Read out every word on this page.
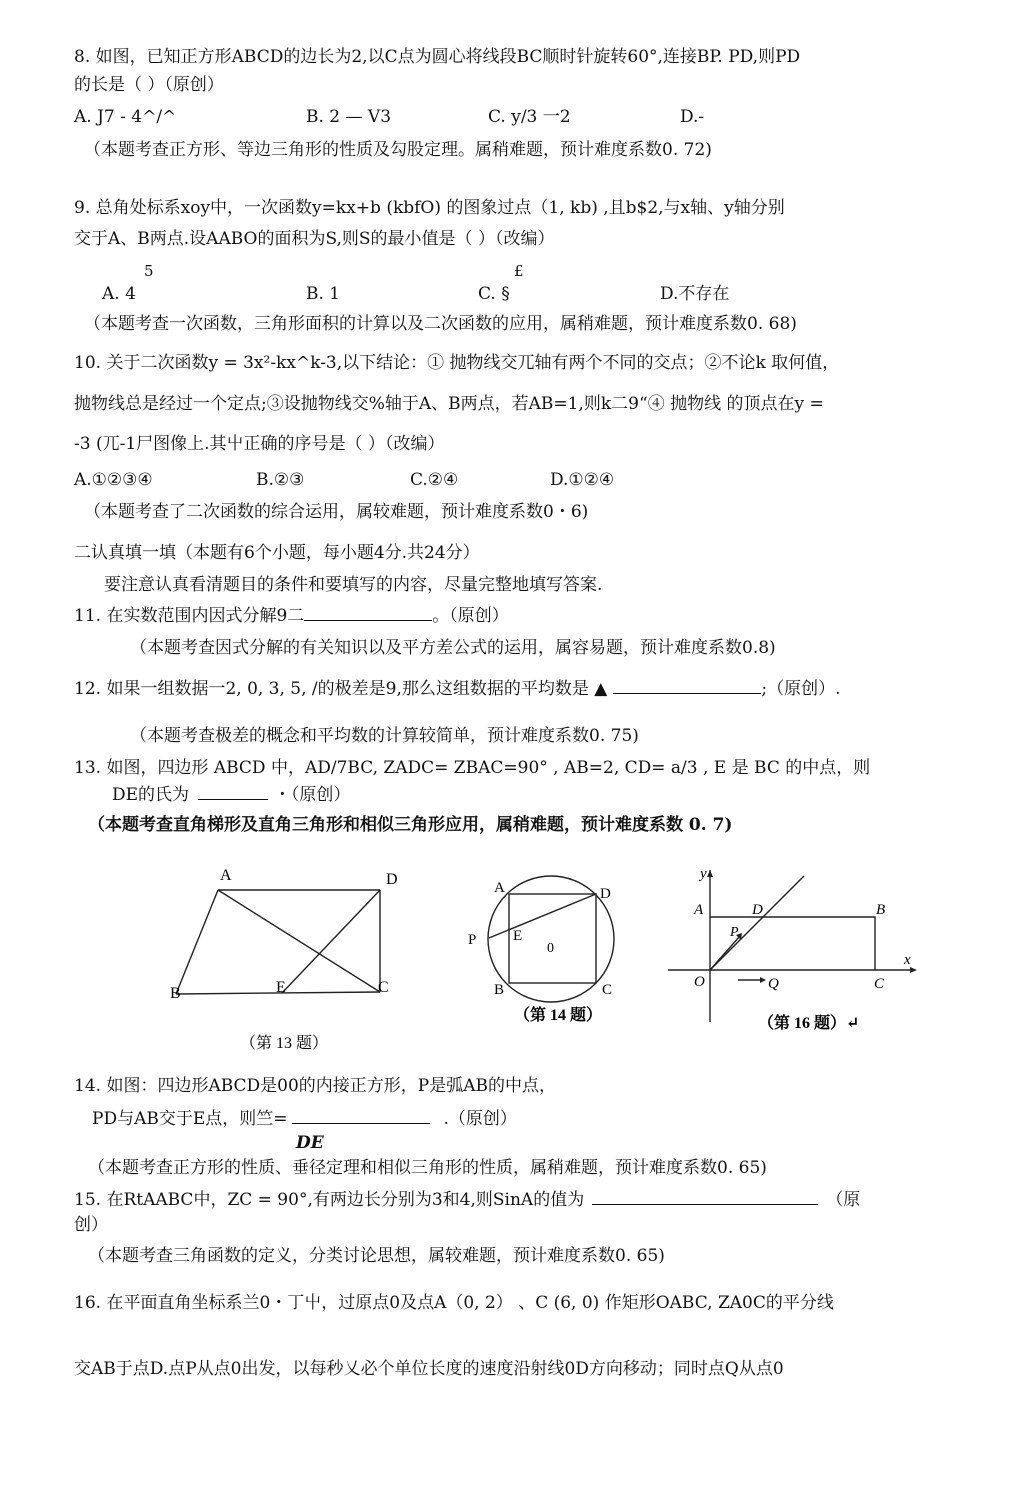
8. 如图，已知正方形ABCD的边长为2,以C点为圆心将线段BC顺时针旋转60°,连接BP. PD,则PD
的长是（ ）（原创）
A. J7 - 4^/^	B. 2 — V3	C. y/3 一2	D.-
（本题考查正方形、等边三角形的性质及勾股定理。属稍难题，预计难度系数0. 72)
9. 总角处标系xoy中，一次函数y=kx+b (kbfO) 的图象过点（1, kb) ,且b$2,与x轴、y轴分别
交于A、B两点.设AABO的面积为S,则S的最小值是（ ）（改编）
5	£
A. 4	B. 1	C. §	D.不存在
（本题考查一次函数，三角形面积的计算以及二次函数的应用，属稍难题，预计难度系数0. 68)
10. 关于二次函数y = 3x²-kx^k-3,以下结论：① 抛物线交兀轴有两个不同的交点；②不论k 取何值，
抛物线总是经过一个定点;③设抛物线交%轴于A、B两点，若AB=1,则k二9“④ 抛物线 的顶点在y =
-3 (兀-1尸图像上.其屮正确的序号是（ ）（改编）
A.①②③④	B.②③	C.②④	D.①②④
（本题考查了二次函数的综合运用，属较难题，预计难度系数0・6)
二认真填一填（本题有6个小题，每小题4分.共24分）
要注意认真看清题目的条件和要填写的内容，尽量完整地填写答案.
11. 在实数范围内因式分解9二	。（原创）
（本题考查因式分解的有关知识以及平方差公式的运用，属容易题，预计难度系数0.8)
12. 如果一组数据一2, 0, 3, 5, /的极差是9,那么这组数据的平均数是 ▲	;（原创）.
（本题考查极差的概念和平均数的计算较简单，预计难度系数0. 75)
13. 如图，四边形 ABCD 中，AD/7BC, ZADC= ZBAC=90° , AB=2, CD= a/3 , E 是 BC 的中点，则
DE的氏为	・（原创）
（本题考查直角梯形及直角三角形和相似三角形应用，属稍难题，预计难度系数 0. 7)
A	D
B	E	C
（第 13 题）
A	D
P E
0
B	C
（第 14 题）
y
A	D	B
P
x
O	Q	C
（第 16 题）↵
14. 如图：四边形ABCD是00的内接正方形，P是弧AB的中点，
PD与AB交于E点，则竺=	.（原创）
DE
（本题考查正方形的性质、垂径定理和相似三角形的性质，属稍难题，预计难度系数0. 65)
15. 在RtAABC中，ZC = 90°,有两边长分别为3和4,则SinA的值为	（原
创）
（本题考查三角函数的定义，分类讨论思想，属较难题，预计难度系数0. 65)
16. 在平面直角坐标系兰0・丁屮，过原点0及点A（0, 2） 、C (6, 0) 作矩形OABC, ZA0C的平分线
交AB于点D.点P从点0出发，以每秒乂必个单位长度的速度沿射线0D方向移动；同时点Q从点0
